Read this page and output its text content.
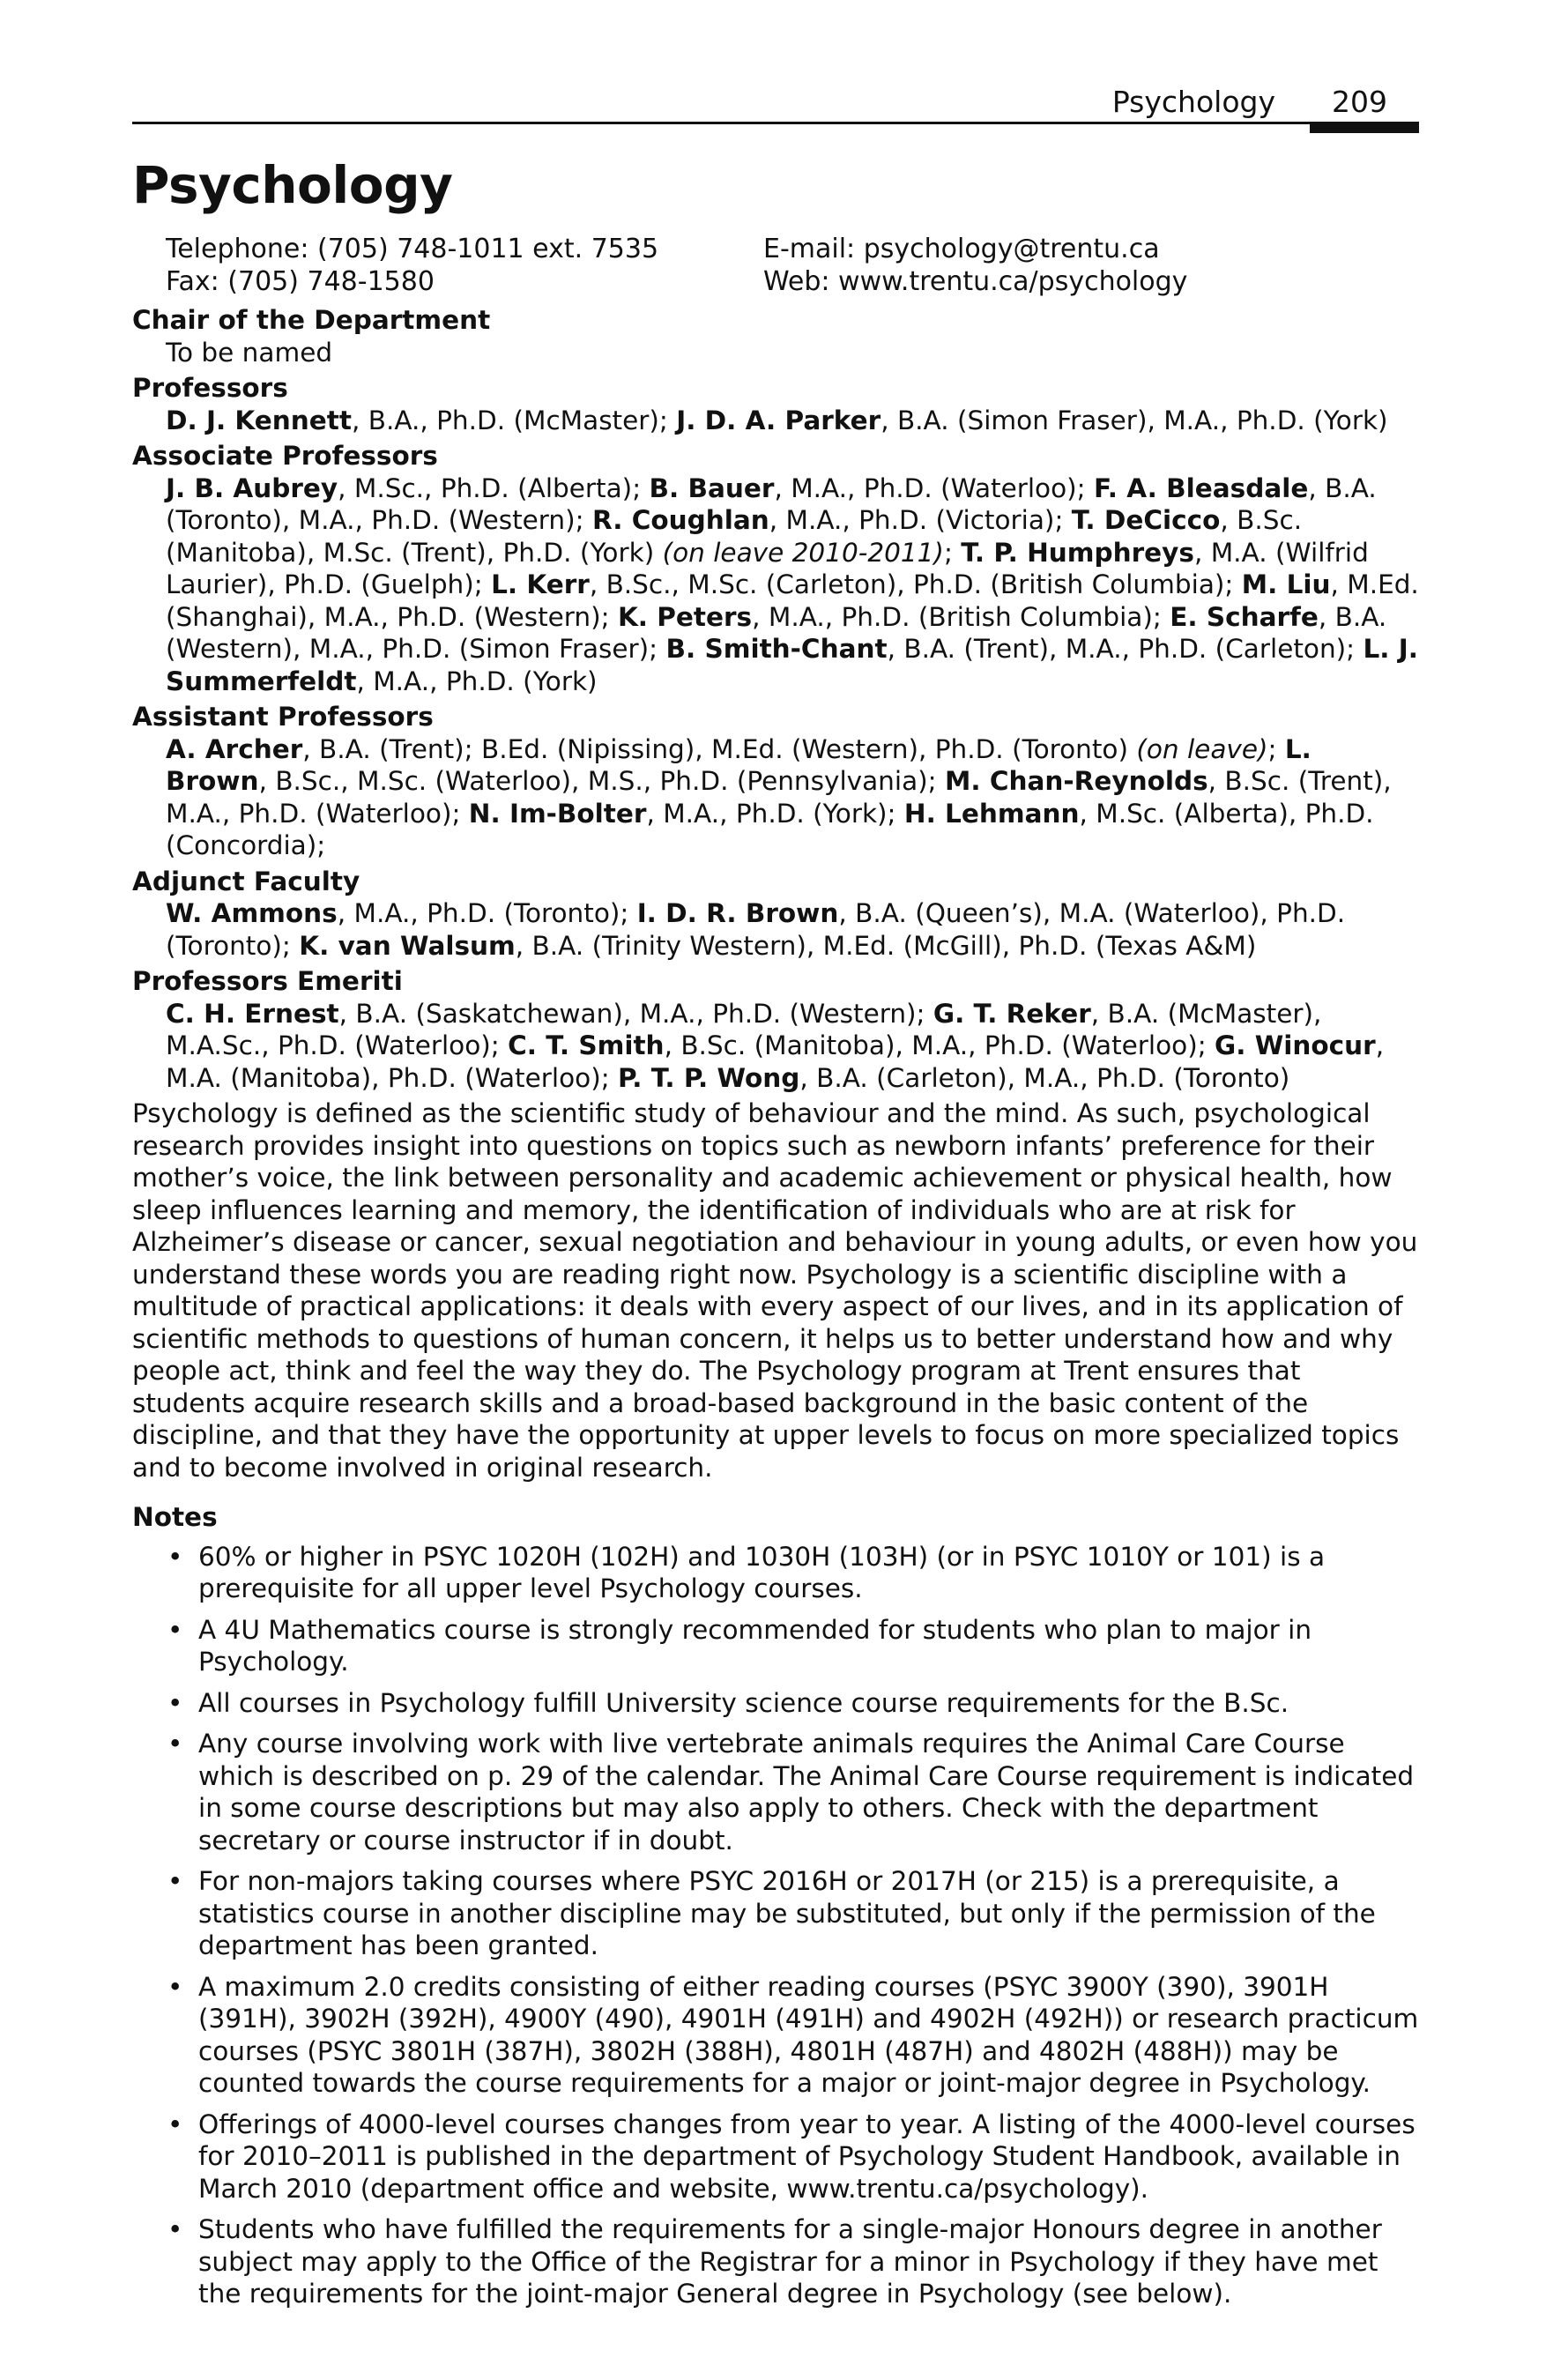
Psychology 209
Psychology
Telephone: (705) 748-1011 ext. 7535
Fax: (705) 748-1580
E-mail: psychology@trentu.ca
Web: www.trentu.ca/psychology

Chair of the Department

To be named

Professors

D. J. Kennett, B.A., Ph.D. (McMaster); J. D. A. Parker, B.A. (Simon Fraser), M.A., Ph.D. (York)

Associate Professors

J. B. Aubrey, M.Sc., Ph.D. (Alberta); B. Bauer, M.A., Ph.D. (Waterloo); F. A. Bleasdale, B.A. (Toronto), M.A., Ph.D. (Western); R. Coughlan, M.A., Ph.D. (Victoria); T. DeCicco, B.Sc. (Manitoba), M.Sc. (Trent), Ph.D. (York) (on leave 2010-2011); T. P. Humphreys, M.A. (Wilfrid Laurier), Ph.D. (Guelph); L. Kerr, B.Sc., M.Sc. (Carleton), Ph.D. (British Columbia); M. Liu, M.Ed. (Shanghai), M.A., Ph.D. (Western); K. Peters, M.A., Ph.D. (British Columbia); E. Scharfe, B.A. (Western), M.A., Ph.D. (Simon Fraser); B. Smith-Chant, B.A. (Trent), M.A., Ph.D. (Carleton); L. J. Summerfeldt, M.A., Ph.D. (York)

Assistant Professors

A. Archer, B.A. (Trent); B.Ed. (Nipissing), M.Ed. (Western), Ph.D. (Toronto) (on leave); L. Brown, B.Sc., M.Sc. (Waterloo), M.S., Ph.D. (Pennsylvania); M. Chan-Reynolds, B.Sc. (Trent), M.A., Ph.D. (Waterloo); N. Im-Bolter, M.A., Ph.D. (York); H. Lehmann, M.Sc. (Alberta), Ph.D. (Concordia);

Adjunct Faculty

W. Ammons, M.A., Ph.D. (Toronto); I. D. R. Brown, B.A. (Queen’s), M.A. (Waterloo), Ph.D. (Toronto); K. van Walsum, B.A. (Trinity Western), M.Ed. (McGill), Ph.D. (Texas A&M)

Professors Emeriti

C. H. Ernest, B.A. (Saskatchewan), M.A., Ph.D. (Western); G. T. Reker, B.A. (McMaster), M.A.Sc., Ph.D. (Waterloo); C. T. Smith, B.Sc. (Manitoba), M.A., Ph.D. (Waterloo); G. Winocur, M.A. (Manitoba), Ph.D. (Waterloo); P. T. P. Wong, B.A. (Carleton), M.A., Ph.D. (Toronto)

Psychology is defined as the scientific study of behaviour and the mind. As such, psychological research provides insight into questions on topics such as newborn infants’ preference for their mother’s voice, the link between personality and academic achievement or physical health, how sleep influences learning and memory, the identification of individuals who are at risk for Alzheimer’s disease or cancer, sexual negotiation and behaviour in young adults, or even how you understand these words you are reading right now. Psychology is a scientific discipline with a multitude of practical applications: it deals with every aspect of our lives, and in its application of scientific methods to questions of human concern, it helps us to better understand how and why people act, think and feel the way they do. The Psychology program at Trent ensures that students acquire research skills and a broad-based background in the basic content of the discipline, and that they have the opportunity at upper levels to focus on more specialized topics and to become involved in original research.

Notes

• 60% or higher in PSYC 1020H (102H) and 1030H (103H) (or in PSYC 1010Y or 101) is a prerequisite for all upper level Psychology courses.
• A 4U Mathematics course is strongly recommended for students who plan to major in Psychology.
• All courses in Psychology fulfill University science course requirements for the B.Sc.
• Any course involving work with live vertebrate animals requires the Animal Care Course which is described on p. 29 of the calendar. The Animal Care Course requirement is indicated in some course descriptions but may also apply to others. Check with the department secretary or course instructor if in doubt.
• For non-majors taking courses where PSYC 2016H or 2017H (or 215) is a prerequisite, a statistics course in another discipline may be substituted, but only if the permission of the department has been granted.
• A maximum 2.0 credits consisting of either reading courses (PSYC 3900Y (390), 3901H (391H), 3902H (392H), 4900Y (490), 4901H (491H) and 4902H (492H)) or research practicum courses (PSYC 3801H (387H), 3802H (388H), 4801H (487H) and 4802H (488H)) may be counted towards the course requirements for a major or joint-major degree in Psychology.
• Offerings of 4000-level courses changes from year to year. A listing of the 4000-level courses for 2010–2011 is published in the department of Psychology Student Handbook, available in March 2010 (department office and website, www.trentu.ca/psychology).
• Students who have fulfilled the requirements for a single-major Honours degree in another subject may apply to the Office of the Registrar for a minor in Psychology if they have met the requirements for the joint-major General degree in Psychology (see below).
